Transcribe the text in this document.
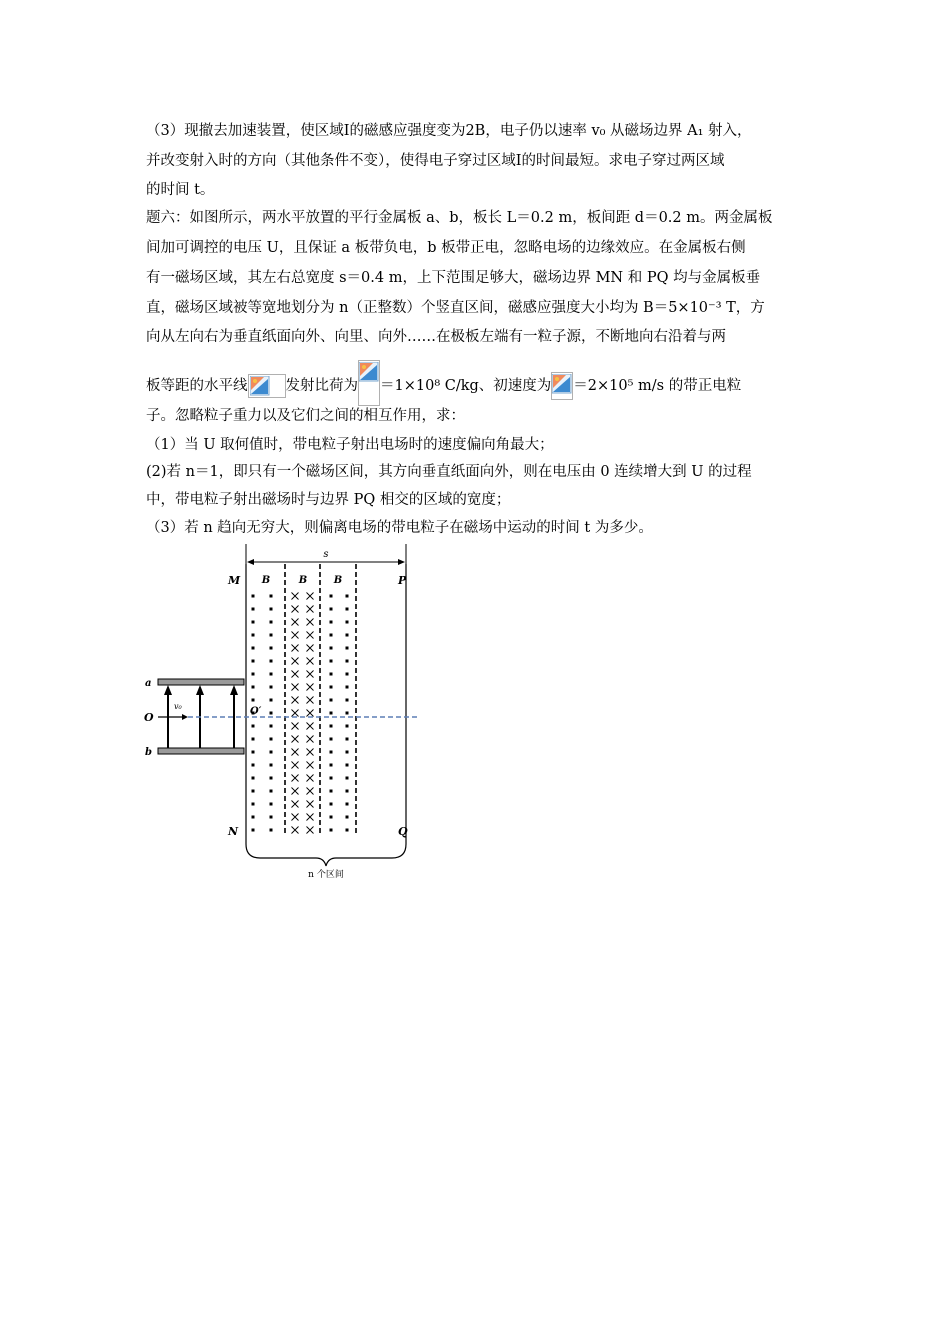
（3）现撤去加速装置，使区域Ⅰ的磁感应强度变为2B，电子仍以速率 v₀ 从磁场边界 A₁ 射入，
并改变射入时的方向（其他条件不变），使得电子穿过区域Ⅰ的时间最短。求电子穿过两区域
的时间 t。
题六：如图所示，两水平放置的平行金属板 a、b，板长 L＝0.2 m，板间距 d＝0.2 m。两金属板
间加可调控的电压 U，且保证 a 板带负电，b 板带正电，忽略电场的边缘效应。在金属板右侧
有一磁场区域，其左右总宽度 s＝0.4 m，上下范围足够大，磁场边界 MN 和 PQ 均与金属板垂
直，磁场区域被等宽地划分为 n（正整数）个竖直区间，磁感应强度大小均为 B＝5×10⁻³ T，方
向从左向右为垂直纸面向外、向里、向外……在极板左端有一粒子源，不断地向右沿着与两
板等距的水平线	发射比荷为 ＝1×10⁸ C/kg、初速度为 ＝2×10⁵ m/s 的带正电粒
子。忽略粒子重力以及它们之间的相互作用，求：
（1）当 U 取何值时，带电粒子射出电场时的速度偏向角最大；
(2)若 n＝1，即只有一个磁场区间，其方向垂直纸面向外，则在电压由 0 连续增大到 U 的过程
中，带电粒子射出磁场时与边界 PQ 相交的区域的宽度；
（3）若 n 趋向无穷大，则偏离电场的带电粒子在磁场中运动的时间 t 为多少。
s
B	B	B
M	P
N	Q
a
b
O	O′
v₀
n 个区间
